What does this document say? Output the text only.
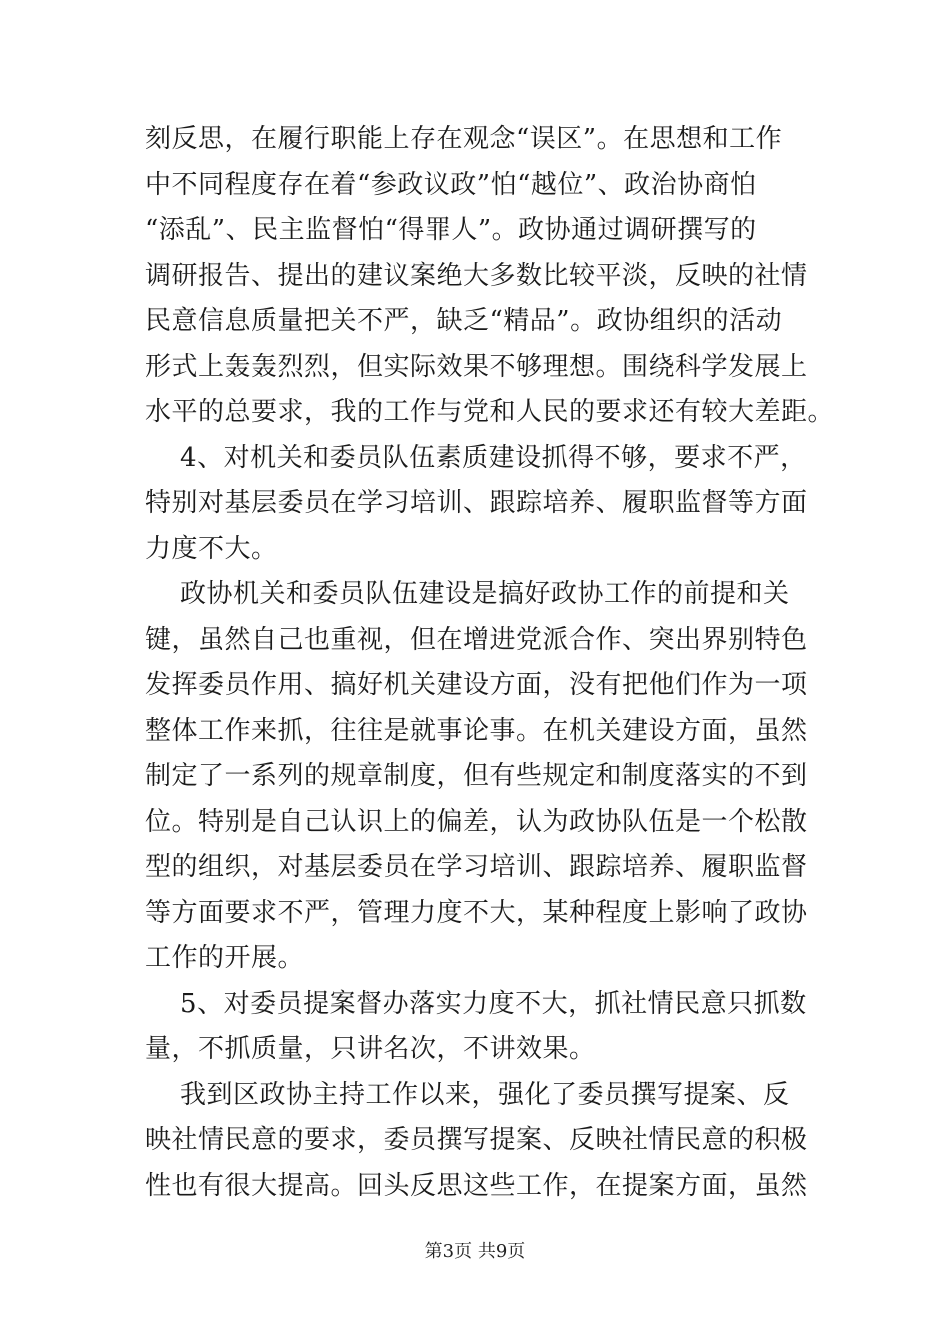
刻反思，在履行职能上存在观念“误区”。在思想和工作
中不同程度存在着“参政议政”怕“越位”、政治协商怕
“添乱”、民主监督怕“得罪人”。政协通过调研撰写的
调研报告、提出的建议案绝大多数比较平淡，反映的社情
民意信息质量把关不严，缺乏“精品”。政协组织的活动
形式上轰轰烈烈，但实际效果不够理想。围绕科学发展上
水平的总要求，我的工作与党和人民的要求还有较大差距。
4、对机关和委员队伍素质建设抓得不够，要求不严，
特别对基层委员在学习培训、跟踪培养、履职监督等方面
力度不大。
政协机关和委员队伍建设是搞好政协工作的前提和关
键，虽然自己也重视，但在增进党派合作、突出界别特色
发挥委员作用、搞好机关建设方面，没有把他们作为一项
整体工作来抓，往往是就事论事。在机关建设方面，虽然
制定了一系列的规章制度，但有些规定和制度落实的不到
位。特别是自己认识上的偏差，认为政协队伍是一个松散
型的组织，对基层委员在学习培训、跟踪培养、履职监督
等方面要求不严，管理力度不大，某种程度上影响了政协
工作的开展。
5、对委员提案督办落实力度不大，抓社情民意只抓数
量，不抓质量，只讲名次，不讲效果。
我到区政协主持工作以来，强化了委员撰写提案、反
映社情民意的要求，委员撰写提案、反映社情民意的积极
性也有很大提高。回头反思这些工作，在提案方面，虽然
第3页 共9页
